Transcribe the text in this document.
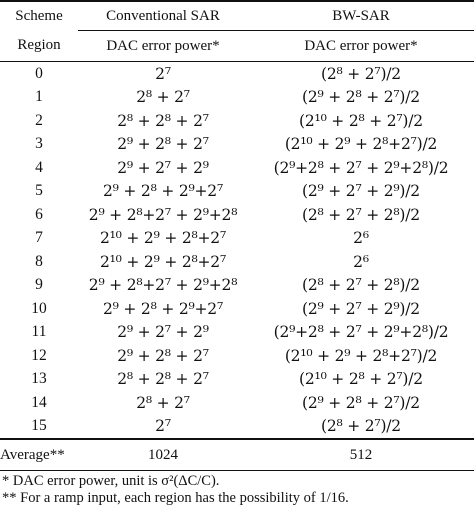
Scheme	Conventional SAR	BW-SAR
Region	DAC error power*	DAC error power*
0	2⁷	(2⁸ + 2⁷)/2
1	2⁸ + 2⁷	(2⁹ + 2⁸ + 2⁷)/2
2	2⁸ + 2⁸ + 2⁷	(2¹⁰ + 2⁸ + 2⁷)/2
3	2⁹ + 2⁸ + 2⁷	(2¹⁰ + 2⁹ + 2⁸+2⁷)/2
4	2⁹ + 2⁷ + 2⁹	(2⁹+2⁸ + 2⁷ + 2⁹+2⁸)/2
5	2⁹ + 2⁸ + 2⁹+2⁷	(2⁹ + 2⁷ + 2⁹)/2
6	2⁹ + 2⁸+2⁷ + 2⁹+2⁸	(2⁸ + 2⁷ + 2⁸)/2
7	2¹⁰ + 2⁹ + 2⁸+2⁷	2⁶
8	2¹⁰ + 2⁹ + 2⁸+2⁷	2⁶
9	2⁹ + 2⁸+2⁷ + 2⁹+2⁸	(2⁸ + 2⁷ + 2⁸)/2
10	2⁹ + 2⁸ + 2⁹+2⁷	(2⁹ + 2⁷ + 2⁹)/2
11	2⁹ + 2⁷ + 2⁹	(2⁹+2⁸ + 2⁷ + 2⁹+2⁸)/2
12	2⁹ + 2⁸ + 2⁷	(2¹⁰ + 2⁹ + 2⁸+2⁷)/2
13	2⁸ + 2⁸ + 2⁷	(2¹⁰ + 2⁸ + 2⁷)/2
14	2⁸ + 2⁷	(2⁹ + 2⁸ + 2⁷)/2
15	2⁷	(2⁸ + 2⁷)/2
Average**	1024	512
* DAC error power, unit is σ²(ΔC/C).
** For a ramp input, each region has the possibility of 1/16.
